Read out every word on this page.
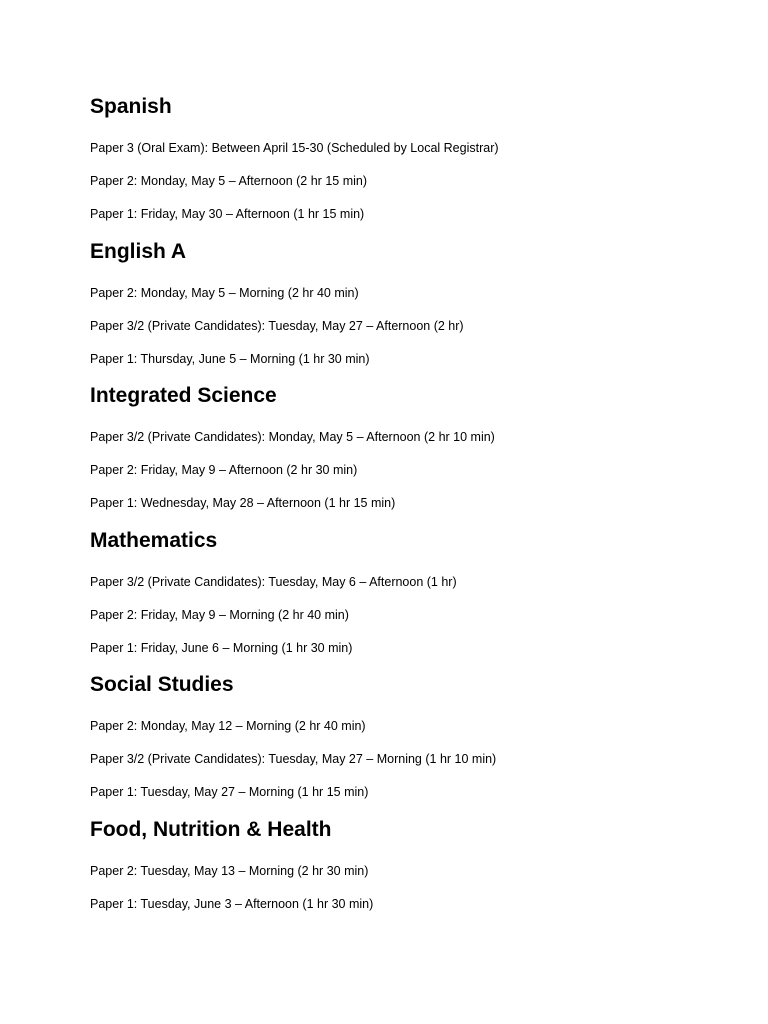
Spanish
Paper 3 (Oral Exam): Between April 15-30 (Scheduled by Local Registrar)
Paper 2: Monday, May 5 – Afternoon (2 hr 15 min)
Paper 1: Friday, May 30 – Afternoon (1 hr 15 min)
English A
Paper 2: Monday, May 5 – Morning (2 hr 40 min)
Paper 3/2 (Private Candidates): Tuesday, May 27 – Afternoon (2 hr)
Paper 1: Thursday, June 5 – Morning (1 hr 30 min)
Integrated Science
Paper 3/2 (Private Candidates): Monday, May 5 – Afternoon (2 hr 10 min)
Paper 2: Friday, May 9 – Afternoon (2 hr 30 min)
Paper 1: Wednesday, May 28 – Afternoon (1 hr 15 min)
Mathematics
Paper 3/2 (Private Candidates): Tuesday, May 6 – Afternoon (1 hr)
Paper 2: Friday, May 9 – Morning (2 hr 40 min)
Paper 1: Friday, June 6 – Morning (1 hr 30 min)
Social Studies
Paper 2: Monday, May 12 – Morning (2 hr 40 min)
Paper 3/2 (Private Candidates): Tuesday, May 27 – Morning (1 hr 10 min)
Paper 1: Tuesday, May 27 – Morning (1 hr 15 min)
Food, Nutrition & Health
Paper 2: Tuesday, May 13 – Morning (2 hr 30 min)
Paper 1: Tuesday, June 3 – Afternoon (1 hr 30 min)
